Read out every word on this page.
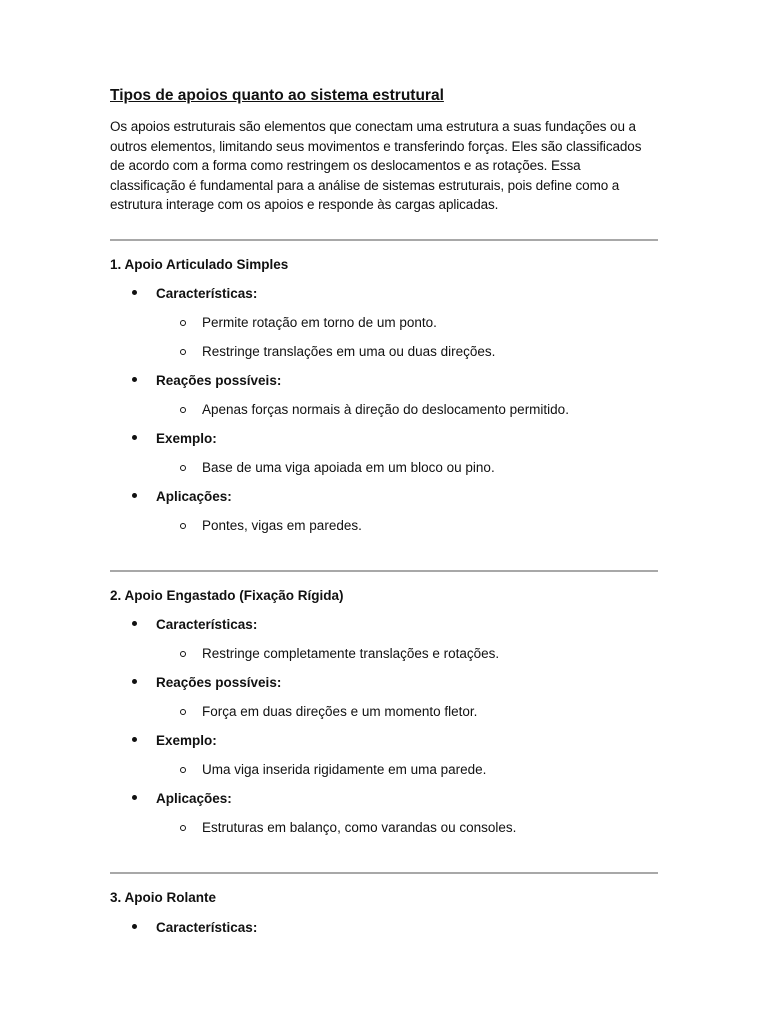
Tipos de apoios quanto ao sistema estrutural

Os apoios estruturais são elementos que conectam uma estrutura a suas fundações ou a outros elementos, limitando seus movimentos e transferindo forças. Eles são classificados de acordo com a forma como restringem os deslocamentos e as rotações. Essa classificação é fundamental para a análise de sistemas estruturais, pois define como a estrutura interage com os apoios e responde às cargas aplicadas.

1. Apoio Articulado Simples
Características:
Permite rotação em torno de um ponto.
Restringe translações em uma ou duas direções.
Reações possíveis:
Apenas forças normais à direção do deslocamento permitido.
Exemplo:
Base de uma viga apoiada em um bloco ou pino.
Aplicações:
Pontes, vigas em paredes.
2. Apoio Engastado (Fixação Rígida)
Características:
Restringe completamente translações e rotações.
Reações possíveis:
Força em duas direções e um momento fletor.
Exemplo:
Uma viga inserida rigidamente em uma parede.
Aplicações:
Estruturas em balanço, como varandas ou consoles.
3. Apoio Rolante
Características:
